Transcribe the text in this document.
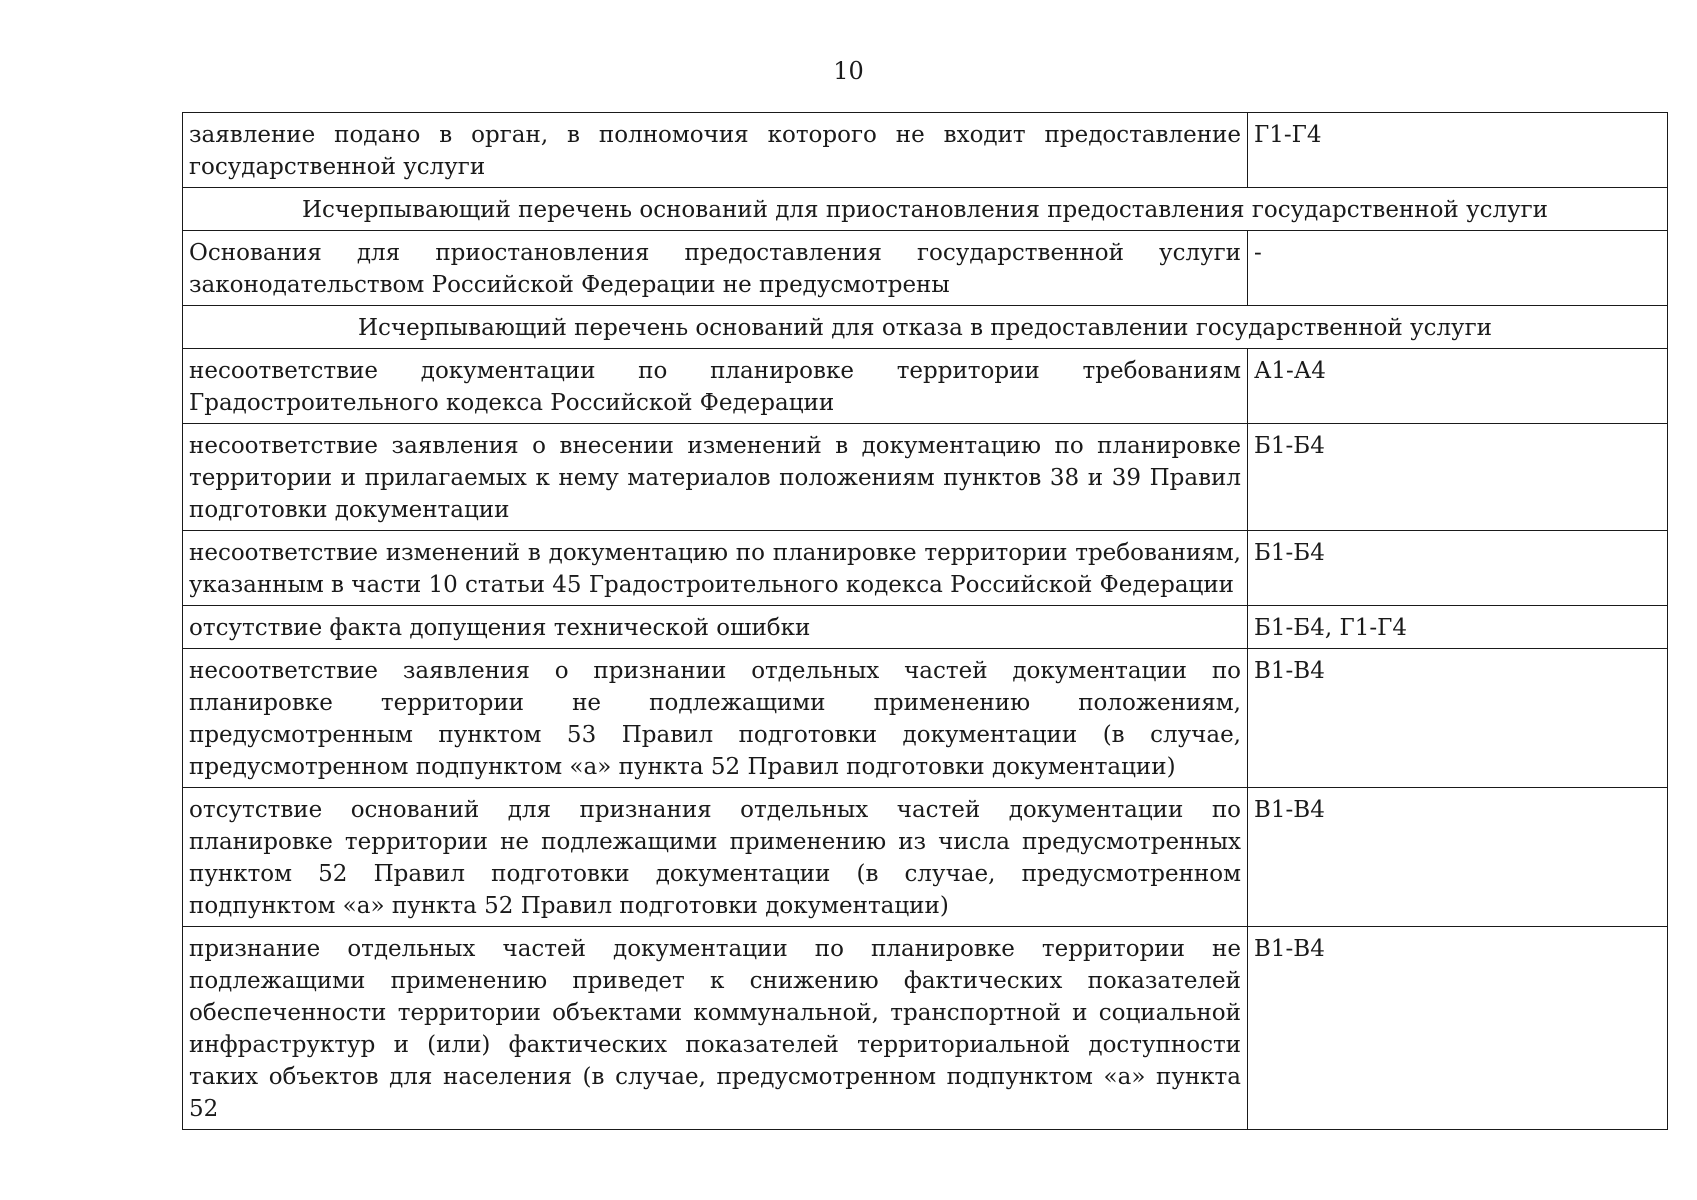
10
заявление подано в орган, в полномочия которого не входит предоставление государственной услуги	Г1-Г4
Исчерпывающий перечень оснований для приостановления предоставления государственной услуги	
Основания для приостановления предоставления государственной услуги законодательством Российской Федерации не предусмотрены	-
Исчерпывающий перечень оснований для отказа в предоставлении государственной услуги	
несоответствие документации по планировке территории требованиям Градостроительного кодекса Российской Федерации	А1-А4
несоответствие заявления о внесении изменений в документацию по планировке территории и прилагаемых к нему материалов положениям пунктов 38 и 39 Правил подготовки документации	Б1-Б4
несоответствие изменений в документацию по планировке территории требованиям, указанным в части 10 статьи 45 Градостроительного кодекса Российской Федерации	Б1-Б4
отсутствие факта допущения технической ошибки	Б1-Б4, Г1-Г4
несоответствие заявления о признании отдельных частей документации по планировке территории не подлежащими применению положениям, предусмотренным пунктом 53 Правил подготовки документации (в случае, предусмотренном подпунктом «а» пункта 52 Правил подготовки документации)	В1-В4
отсутствие оснований для признания отдельных частей документации по планировке территории не подлежащими применению из числа предусмотренных пунктом 52 Правил подготовки документации (в случае, предусмотренном подпунктом «а» пункта 52 Правил подготовки документации)	В1-В4
признание отдельных частей документации по планировке территории не подлежащими применению приведет к снижению фактических показателей обеспеченности территории объектами коммунальной, транспортной и социальной инфраструктур и (или) фактических показателей территориальной доступности таких объектов для населения (в случае, предусмотренном подпунктом «а» пункта 52	В1-В4
